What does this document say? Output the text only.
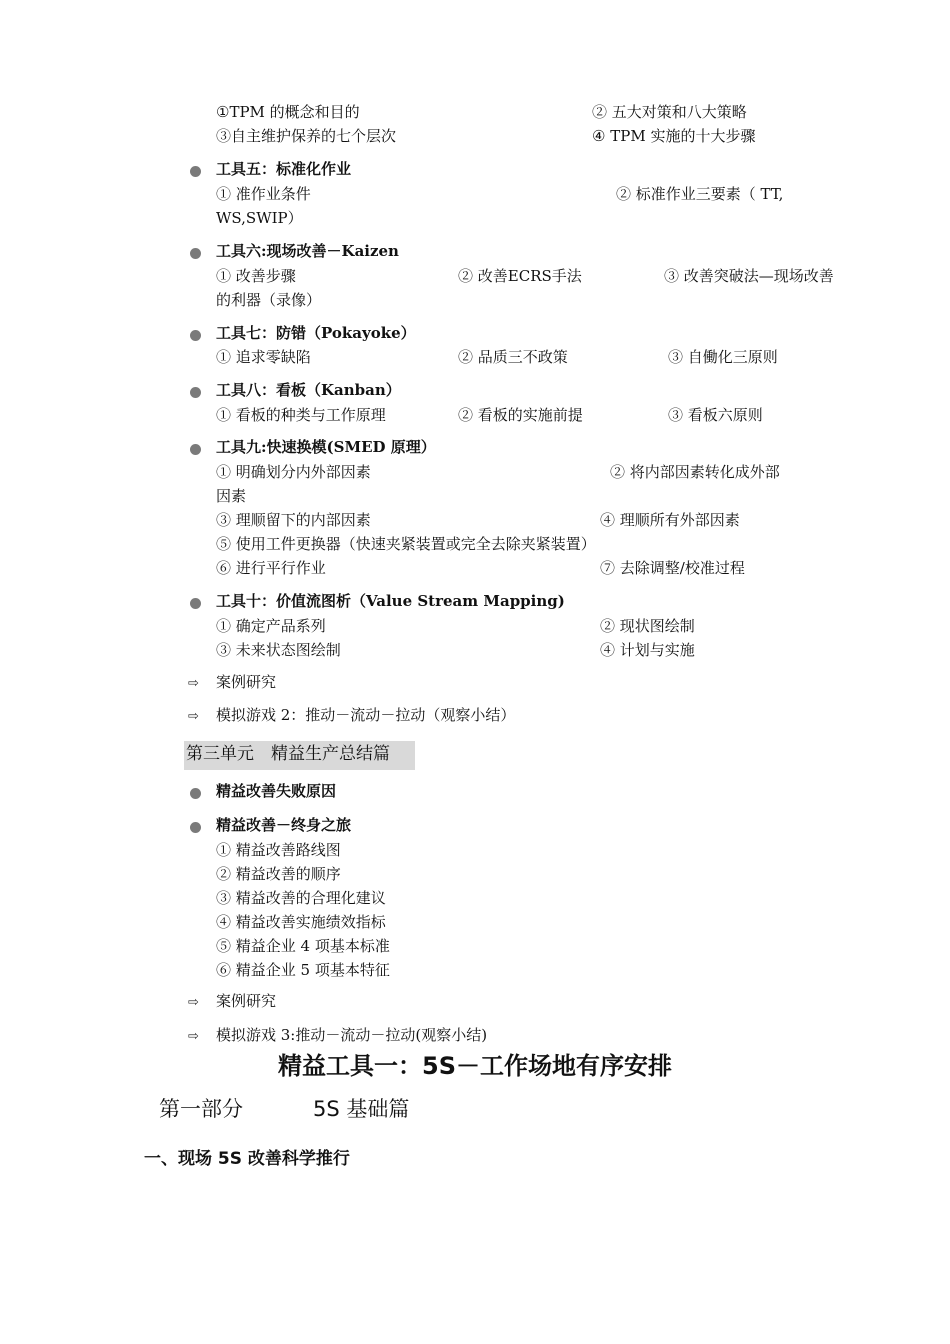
①TPM 的概念和目的	② 五大对策和八大策略
③自主维护保养的七个层次	④ TPM 实施的十大步骤
工具五：标准化作业
① 准作业条件	② 标准作业三要素（ TT,
WS,SWIP）
工具六:现场改善－Kaizen
① 改善步骤	② 改善ECRS手法	③ 改善突破法—现场改善
的利器（录像）
工具七：防错（Pokayoke）
① 追求零缺陷	② 品质三不政策	③ 自働化三原则
工具八：看板（Kanban）
① 看板的种类与工作原理	② 看板的实施前提	③ 看板六原则
工具九:快速换模(SMED 原理）
① 明确划分内外部因素	② 将内部因素转化成外部
因素
③ 理顺留下的内部因素	④ 理顺所有外部因素
⑤ 使用工件更换器（快速夹紧装置或完全去除夹紧装置）
⑥ 进行平行作业	⑦ 去除调整/校准过程
工具十：价值流图析（Value Stream Mapping)
① 确定产品系列	② 现状图绘制
③ 未来状态图绘制	④ 计划与实施
⇨ 案例研究
⇨ 模拟游戏 2：推动－流动－拉动（观察小结）
第三单元　精益生产总结篇
精益改善失败原因
精益改善－终身之旅
① 精益改善路线图
② 精益改善的顺序
③ 精益改善的合理化建议
④ 精益改善实施绩效指标
⑤ 精益企业 4 项基本标准
⑥ 精益企业 5 项基本特征
⇨ 案例研究
⇨ 模拟游戏 3:推动－流动－拉动(观察小结)
精益工具一：5S－工作场地有序安排
第一部分	5S 基础篇
一、现场 5S 改善科学推行
